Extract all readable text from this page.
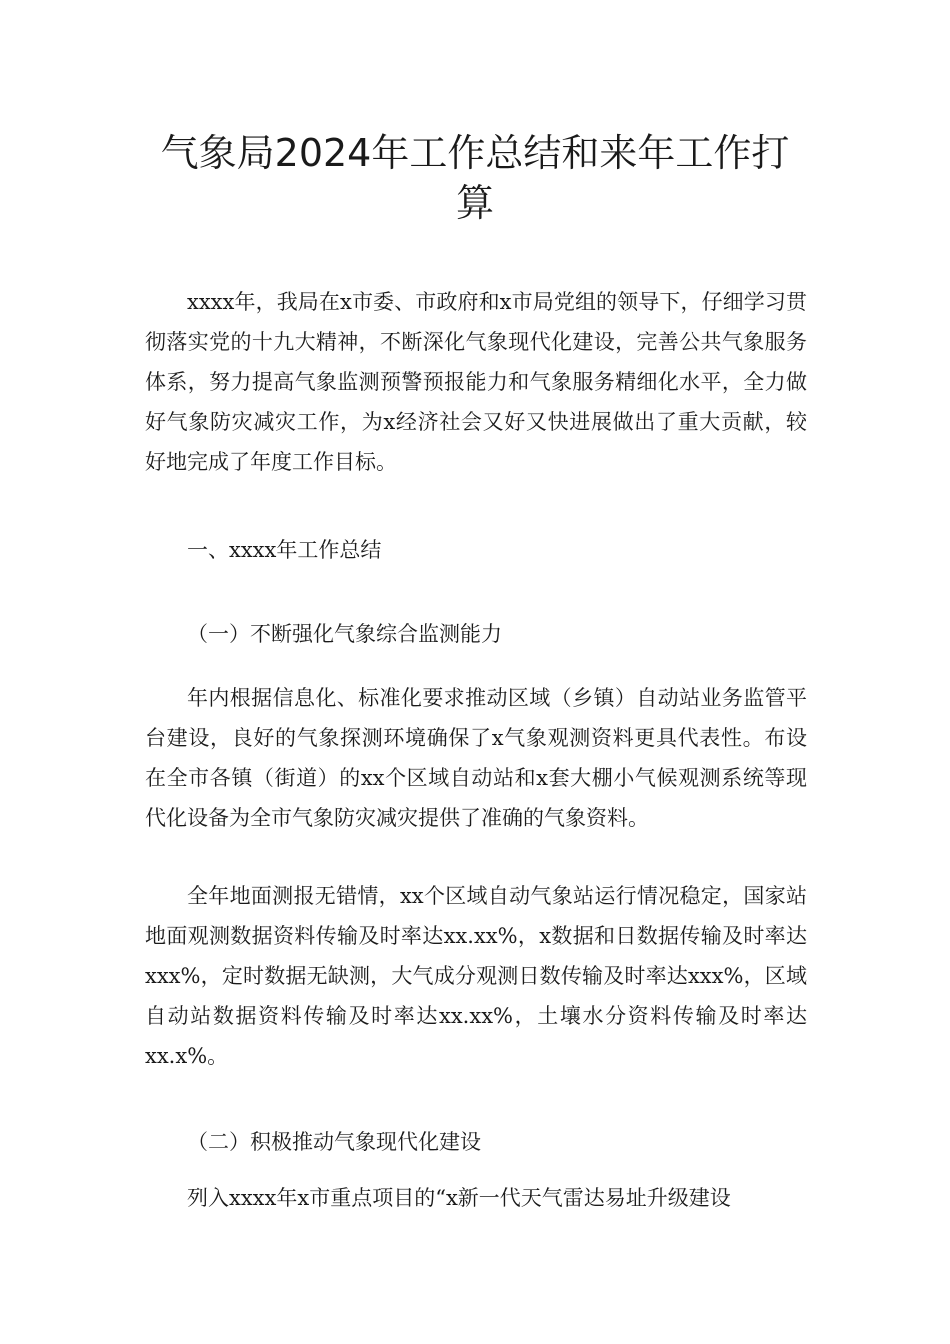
气象局2024年工作总结和来年工作打算

xxxx年，我局在x市委、市政府和x市局党组的领导下，仔细学习贯彻落实党的十九大精神，不断深化气象现代化建设，完善公共气象服务体系，努力提高气象监测预警预报能力和气象服务精细化水平，全力做好气象防灾减灾工作，为x经济社会又好又快进展做出了重大贡献，较好地完成了年度工作目标。

一、xxxx年工作总结

（一）不断强化气象综合监测能力

年内根据信息化、标准化要求推动区域（乡镇）自动站业务监管平台建设，良好的气象探测环境确保了x气象观测资料更具代表性。布设在全市各镇（街道）的xx个区域自动站和x套大棚小气候观测系统等现代化设备为全市气象防灾减灾提供了准确的气象资料。

全年地面测报无错情，xx个区域自动气象站运行情况稳定，国家站地面观测数据资料传输及时率达xx.xx%，x数据和日数据传输及时率达xxx%，定时数据无缺测，大气成分观测日数传输及时率达xxx%，区域自动站数据资料传输及时率达xx.xx%，土壤水分资料传输及时率达xx.x%。

（二）积极推动气象现代化建设

列入xxxx年x市重点项目的“x新一代天气雷达易址升级建设
